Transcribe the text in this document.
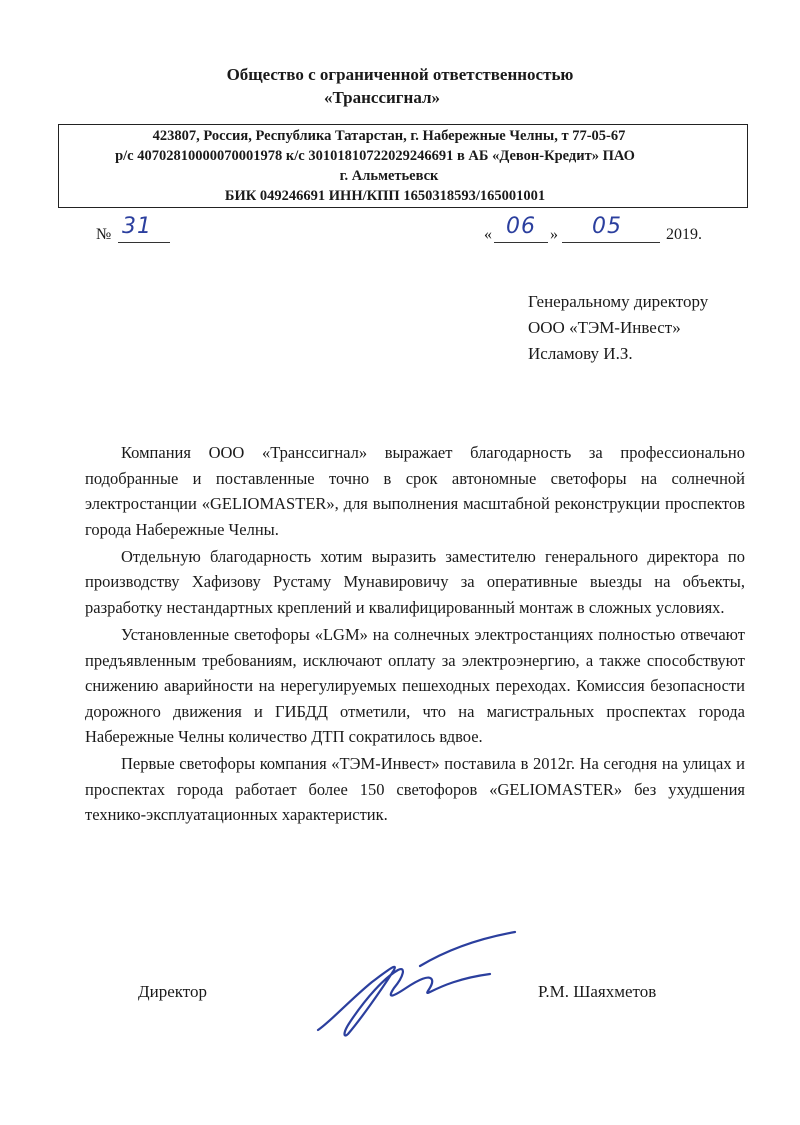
Общество с ограниченной ответственностью
«Транссигнал»
423807, Россия, Республика Татарстан, г. Набережные Челны, т 77-05-67
р/с 40702810000070001978 к/с 30101810722029246691 в АБ «Девон-Кредит» ПАО
г. Альметьевск
БИК 049246691 ИНН/КПП 1650318593/165001001
№ 31	« 06 » 05	2019.
Генеральному директору
ООО «ТЭМ-Инвест»
Исламову И.З.

Компания ООО «Транссигнал» выражает благодарность за профессионально подобранные и поставленные точно в срок автономные светофоры на солнечной электростанции «GELIOMASTER», для выполнения масштабной реконструкции проспектов города Набережные Челны.

Отдельную благодарность хотим выразить заместителю генерального директора по производству Хафизову Рустаму Мунавировичу за оперативные выезды на объекты, разработку нестандартных креплений и квалифицированный монтаж в сложных условиях.

Установленные светофоры «LGM» на солнечных электростанциях полностью отвечают предъявленным требованиям, исключают оплату за электроэнергию, а также способствуют снижению аварийности на нерегулируемых пешеходных переходах. Комиссия безопасности дорожного движения и ГИБДД отметили, что на магистральных проспектах города Набережные Челны количество ДТП сократилось вдвое.

Первые светофоры компания «ТЭМ-Инвест» поставила в 2012г. На сегодня на улицах и проспектах города работает более 150 светофоров «GELIOMASTER» без ухудшения технико-эксплуатационных характеристик.

Директор	Р.М. Шаяхметов
